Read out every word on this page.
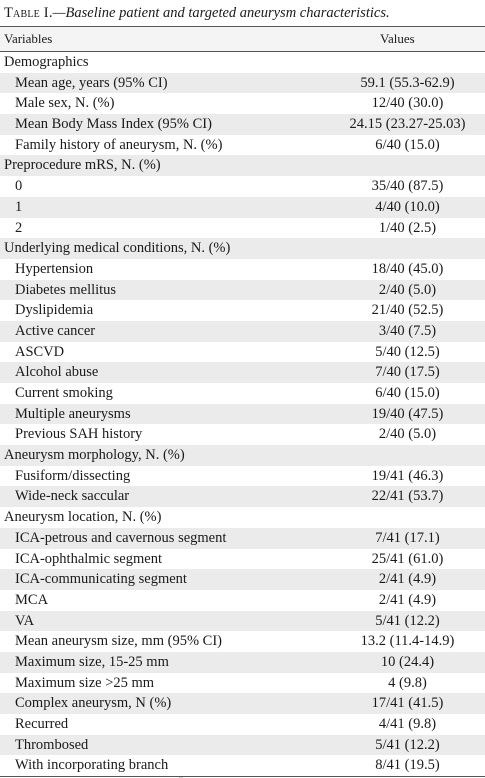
Table I.—Baseline patient and targeted aneurysm characteristics.
Variables	Values
Demographics
Mean age, years (95% CI)	59.1 (55.3-62.9)
Male sex, N. (%)	12/40 (30.0)
Mean Body Mass Index (95% CI)	24.15 (23.27-25.03)
Family history of aneurysm, N. (%)	6/40 (15.0)
Preprocedure mRS, N. (%)
0	35/40 (87.5)
1	4/40 (10.0)
2	1/40 (2.5)
Underlying medical conditions, N. (%)
Hypertension	18/40 (45.0)
Diabetes mellitus	2/40 (5.0)
Dyslipidemia	21/40 (52.5)
Active cancer	3/40 (7.5)
ASCVD	5/40 (12.5)
Alcohol abuse	7/40 (17.5)
Current smoking	6/40 (15.0)
Multiple aneurysms	19/40 (47.5)
Previous SAH history	2/40 (5.0)
Aneurysm morphology, N. (%)
Fusiform/dissecting	19/41 (46.3)
Wide-neck saccular	22/41 (53.7)
Aneurysm location, N. (%)
ICA-petrous and cavernous segment	7/41 (17.1)
ICA-ophthalmic segment	25/41 (61.0)
ICA-communicating segment	2/41 (4.9)
MCA	2/41 (4.9)
VA	5/41 (12.2)
Mean aneurysm size, mm (95% CI)	13.2 (11.4-14.9)
Maximum size, 15-25 mm	10 (24.4)
Maximum size >25 mm	4 (9.8)
Complex aneurysm, N (%)	17/41 (41.5)
Recurred	4/41 (9.8)
Thrombosed	5/41 (12.2)
With incorporating branch	8/41 (19.5)
